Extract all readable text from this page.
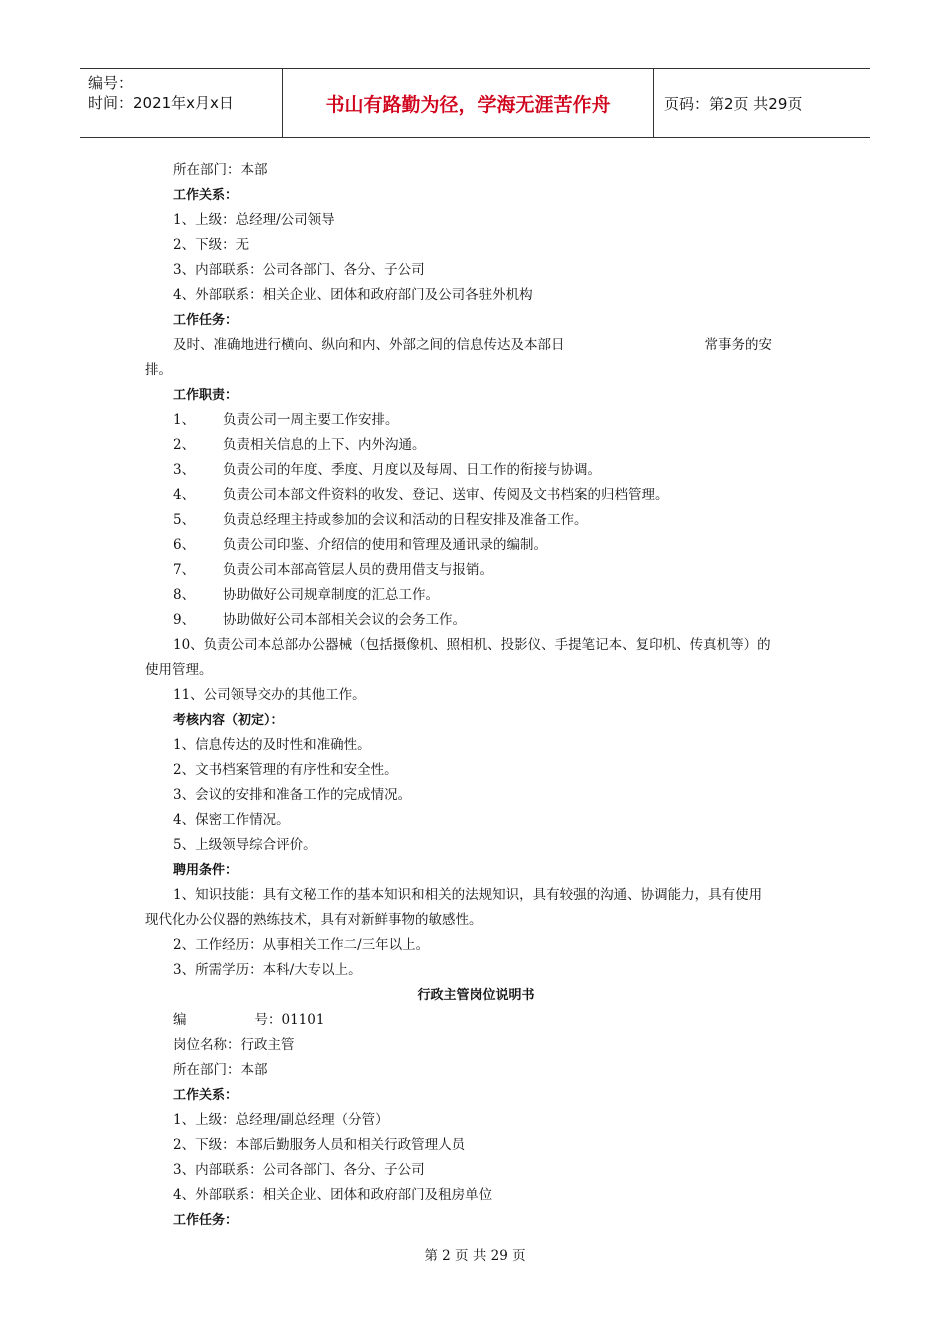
编号：
时间：2021年x月x日	书山有路勤为径，学海无涯苦作舟	页码：第2页 共29页
所在部门：本部
工作关系：
1、上级：总经理/公司领导
2、下级：无
3、内部联系：公司各部门、各分、子公司
4、外部联系：相关企业、团体和政府部门及公司各驻外机构
工作任务：
及时、准确地进行横向、纵向和内、外部之间的信息传达及本部日	常事务的安
排。
工作职责：
1、 负责公司一周主要工作安排。
2、 负责相关信息的上下、内外沟通。
3、 负责公司的年度、季度、月度以及每周、日工作的衔接与协调。
4、 负责公司本部文件资料的收发、登记、送审、传阅及文书档案的归档管理。
5、 负责总经理主持或参加的会议和活动的日程安排及准备工作。
6、 负责公司印鉴、介绍信的使用和管理及通讯录的编制。
7、 负责公司本部高管层人员的费用借支与报销。
8、 协助做好公司规章制度的汇总工作。
9、 协助做好公司本部相关会议的会务工作。
10、负责公司本总部办公器械（包括摄像机、照相机、投影仪、手提笔记本、复印机、传真机等）的
使用管理。
11、公司领导交办的其他工作。
考核内容（初定）：
1、信息传达的及时性和准确性。
2、文书档案管理的有序性和安全性。
3、会议的安排和准备工作的完成情况。
4、保密工作情况。
5、上级领导综合评价。
聘用条件：
1、知识技能：具有文秘工作的基本知识和相关的法规知识，具有较强的沟通、协调能力，具有使用
现代化办公仪器的熟练技术，具有对新鲜事物的敏感性。
2、工作经历：从事相关工作二/三年以上。
3、所需学历：本科/大专以上。
行政主管岗位说明书
编	号：01101
岗位名称：行政主管
所在部门：本部
工作关系：
1、上级：总经理/副总经理（分管）
2、下级：本部后勤服务人员和相关行政管理人员
3、内部联系：公司各部门、各分、子公司
4、外部联系：相关企业、团体和政府部门及租房单位
工作任务：
第 2 页 共 29 页
